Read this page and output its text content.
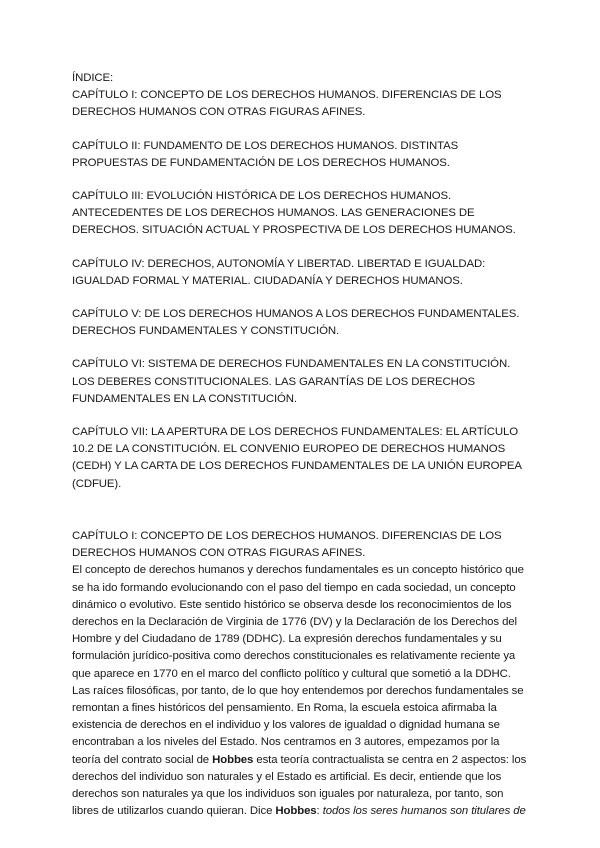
ÍNDICE:

CAPÍTULO I: CONCEPTO DE LOS DERECHOS HUMANOS. DIFERENCIAS DE LOS DERECHOS HUMANOS CON OTRAS FIGURAS AFINES.

CAPÍTULO II: FUNDAMENTO DE LOS DERECHOS HUMANOS. DISTINTAS PROPUESTAS DE FUNDAMENTACIÓN DE LOS DERECHOS HUMANOS.

CAPÍTULO III: EVOLUCIÓN HISTÓRICA DE LOS DERECHOS HUMANOS. ANTECEDENTES DE LOS DERECHOS HUMANOS. LAS GENERACIONES DE DERECHOS. SITUACIÓN ACTUAL Y PROSPECTIVA DE LOS DERECHOS HUMANOS.

CAPÍTULO IV: DERECHOS, AUTONOMÍA Y LIBERTAD. LIBERTAD E IGUALDAD: IGUALDAD FORMAL Y MATERIAL. CIUDADANÍA Y DERECHOS HUMANOS.

CAPÍTULO V: DE LOS DERECHOS HUMANOS A LOS DERECHOS FUNDAMENTALES. DERECHOS FUNDAMENTALES Y CONSTITUCIÓN.

CAPÍTULO VI: SISTEMA DE DERECHOS FUNDAMENTALES EN LA CONSTITUCIÓN. LOS DEBERES CONSTITUCIONALES. LAS GARANTÍAS DE LOS DERECHOS FUNDAMENTALES EN LA CONSTITUCIÓN.

CAPÍTULO VII: LA APERTURA DE LOS DERECHOS FUNDAMENTALES: EL ARTÍCULO 10.2 DE LA CONSTITUCIÓN. EL CONVENIO EUROPEO DE DERECHOS HUMANOS (CEDH) Y LA CARTA DE LOS DERECHOS FUNDAMENTALES DE LA UNIÓN EUROPEA (CDFUE).

CAPÍTULO I: CONCEPTO DE LOS DERECHOS HUMANOS. DIFERENCIAS DE LOS DERECHOS HUMANOS CON OTRAS FIGURAS AFINES.

El concepto de derechos humanos y derechos fundamentales es un concepto histórico que se ha ido formando evolucionando con el paso del tiempo en cada sociedad, un concepto dinámico o evolutivo. Este sentido histórico se observa desde los reconocimientos de los derechos en la Declaración de Virginia de 1776 (DV) y la Declaración de los Derechos del Hombre y del Ciudadano de 1789 (DDHC). La expresión derechos fundamentales y su formulación jurídico-positiva como derechos constitucionales es relativamente reciente ya que aparece en 1770 en el marco del conflicto político y cultural que sometió a la DDHC. Las raíces filosóficas, por tanto, de lo que hoy entendemos por derechos fundamentales se remontan a fines históricos del pensamiento. En Roma, la escuela estoica afirmaba la existencia de derechos en el individuo y los valores de igualdad o dignidad humana se encontraban a los niveles del Estado. Nos centramos en 3 autores, empezamos por la teoría del contrato social de Hobbes esta teoría contractualista se centra en 2 aspectos: los derechos del individuo son naturales y el Estado es artificial. Es decir, entiende que los derechos son naturales ya que los individuos son iguales por naturaleza, por tanto, son libres de utilizarlos cuando quieran. Dice Hobbes: todos los seres humanos son titulares de
